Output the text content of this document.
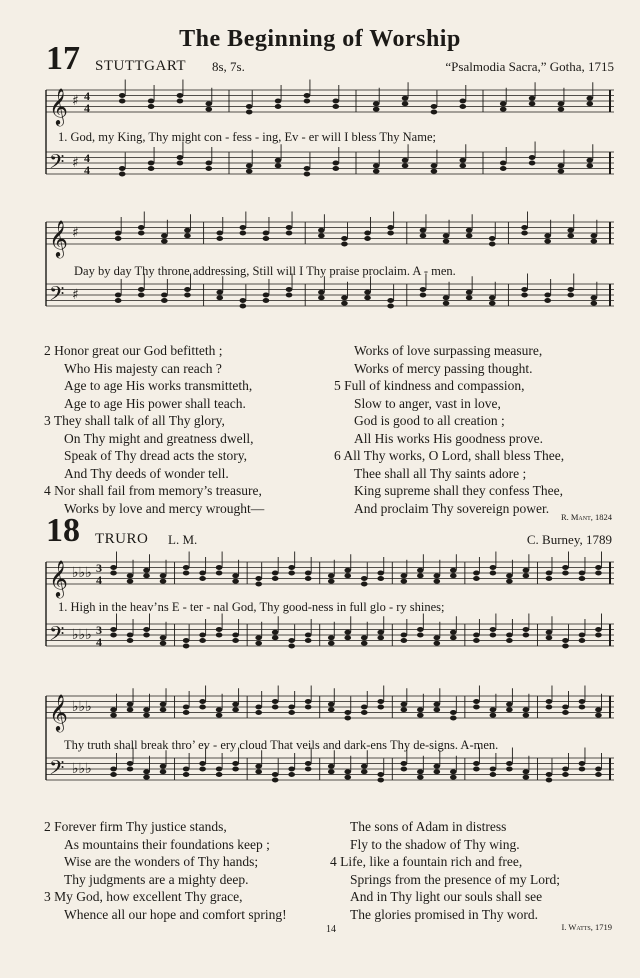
The Beginning of Worship
17 STUTTGART 8s, 7s.	“Psalmodia Sacra,” Gotha, 1715
𝄞 ♯ 4
4
𝄢 ♯ 4
4
1. God, my King, Thy might con - fess - ing, Ev - er will I bless Thy Name;
𝄞 ♯
𝄢 ♯
Day by day Thy throne addressing, Still will I Thy praise proclaim. A - men.
2 Honor great our God befitteth ;
Who His majesty can reach ?
Age to age His works transmitteth,
Age to age His power shall teach.
3 They shall talk of all Thy glory,
On Thy might and greatness dwell,
Speak of Thy dread acts the story,
And Thy deeds of wonder tell.
4 Nor shall fail from memory’s treasure,
Works by love and mercy wrought—
Works of love surpassing measure,
Works of mercy passing thought.
5 Full of kindness and compassion,
Slow to anger, vast in love,
God is good to all creation ;
All His works His goodness prove.
6 All Thy works, O Lord, shall bless Thee,
Thee shall all Thy saints adore ;
King supreme shall they confess Thee,
And proclaim Thy sovereign power.
R. Mant, 1824
18 TRURO L. M.	C. Burney, 1789
𝄞 ♭♭♭ 3
4
𝄢 ♭♭♭ 3
4
1. High in the heav’ns E - ter - nal God, Thy good-ness in full glo - ry shines;
𝄞 ♭♭♭
𝄢 ♭♭♭
Thy truth shall break thro’ ev - ery cloud That veils and dark-ens Thy de-signs. A-men.
2 Forever firm Thy justice stands,
As mountains their foundations keep ;
Wise are the wonders of Thy hands;
Thy judgments are a mighty deep.
3 My God, how excellent Thy grace,
Whence all our hope and comfort spring!
The sons of Adam in distress
Fly to the shadow of Thy wing.
4 Life, like a fountain rich and free,
Springs from the presence of my Lord;
And in Thy light our souls shall see
The glories promised in Thy word.
14	I. Watts, 1719
